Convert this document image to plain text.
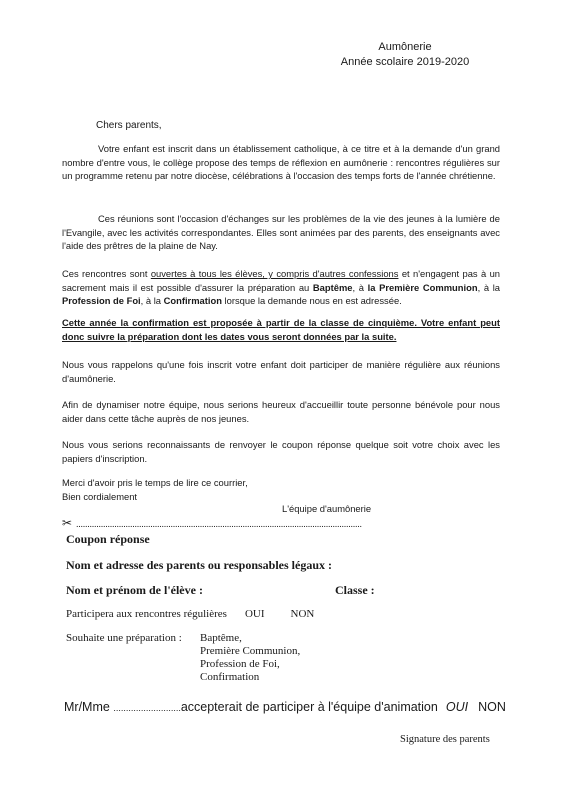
Aumônerie
Année scolaire 2019-2020
Chers parents,
Votre enfant est inscrit dans un établissement catholique, à ce titre et à la demande d'un grand nombre d'entre vous, le collège propose des temps de réflexion en aumônerie : rencontres régulières sur un programme retenu par notre diocèse, célébrations à l'occasion des temps forts de l'année chrétienne.
Ces réunions sont l'occasion d'échanges sur les problèmes de la vie des jeunes à la lumière de l'Evangile, avec les activités correspondantes. Elles sont animées par des parents, des enseignants avec l'aide des prêtres de la plaine de Nay.
Ces rencontres sont ouvertes à tous les élèves, y compris d'autres confessions et n'engagent pas à un sacrement mais il est possible d'assurer la préparation au Baptême, à la Première Communion, à la Profession de Foi, à la Confirmation lorsque la demande nous en est adressée.
Cette année la confirmation est proposée à partir de la classe de cinquième. Votre enfant peut donc suivre la préparation dont les dates vous seront données par la suite.
Nous vous rappelons qu'une fois inscrit votre enfant doit participer de manière régulière aux réunions d'aumônerie.
Afin de dynamiser notre équipe, nous serions heureux d'accueillir toute personne bénévole pour nous aider dans cette tâche auprès de nos jeunes.
Nous vous serions reconnaissants de renvoyer le coupon réponse quelque soit votre choix avec les papiers d'inscription.
Merci d'avoir pris le temps de lire ce courrier,
Bien cordialement
L'équipe d'aumônerie
✂ ...............................................................................................................................
Coupon réponse
Nom et adresse des parents ou responsables légaux :
Nom et prénom de l'élève :	Classe :
Participera aux rencontres régulières OUI NON
Souhaite une préparation : Baptême,
Première Communion,
Profession de Foi,
Confirmation
Mr/Mme ...........................accepterait de participer à l'équipe d'animation OUI NON
Signature des parents
